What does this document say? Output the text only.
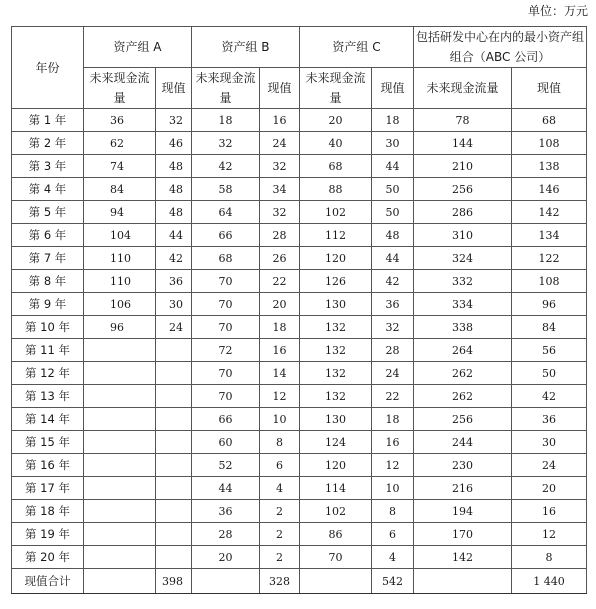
单位：万元
年份	资产组 A		资产组 B		资产组 C		包括研发中心在内的最小资产组组合（ABC 公司）	
	未来现金流量	现值	未来现金流量	现值	未来现金流量	现值	未来现金流量	现值
第 1 年	36	32	18	16	20	18	78	68
第 2 年	62	46	32	24	40	30	144	108
第 3 年	74	48	42	32	68	44	210	138
第 4 年	84	48	58	34	88	50	256	146
第 5 年	94	48	64	32	102	50	286	142
第 6 年	104	44	66	28	112	48	310	134
第 7 年	110	42	68	26	120	44	324	122
第 8 年	110	36	70	22	126	42	332	108
第 9 年	106	30	70	20	130	36	334	96
第 10 年	96	24	70	18	132	32	338	84
第 11 年			72	16	132	28	264	56
第 12 年			70	14	132	24	262	50
第 13 年			70	12	132	22	262	42
第 14 年			66	10	130	18	256	36
第 15 年			60	8	124	16	244	30
第 16 年			52	6	120	12	230	24
第 17 年			44	4	114	10	216	20
第 18 年			36	2	102	8	194	16
第 19 年			28	2	86	6	170	12
第 20 年			20	2	70	4	142	8
现值合计		398		328		542		1 440
